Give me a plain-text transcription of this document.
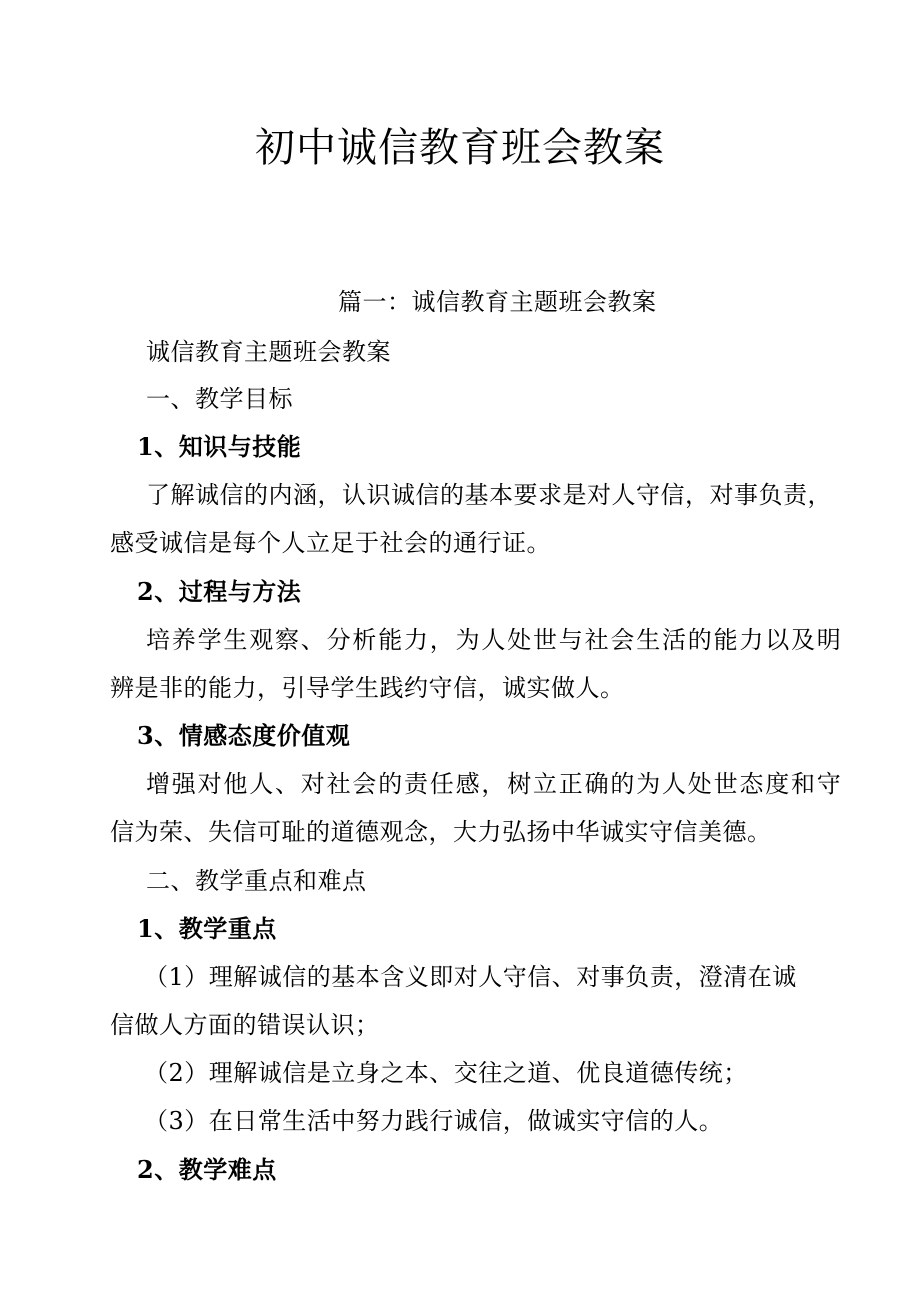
初中诚信教育班会教案
篇一：诚信教育主题班会教案
诚信教育主题班会教案
一、教学目标
1、知识与技能
了解诚信的内涵，认识诚信的基本要求是对人守信，对事负责，
感受诚信是每个人立足于社会的通行证。
2、过程与方法
培养学生观察、分析能力，为人处世与社会生活的能力以及明
辨是非的能力，引导学生践约守信，诚实做人。
3、情感态度价值观
增强对他人、对社会的责任感，树立正确的为人处世态度和守
信为荣、失信可耻的道德观念，大力弘扬中华诚实守信美德。
二、教学重点和难点
1、教学重点
（1）理解诚信的基本含义即对人守信、对事负责，澄清在诚
信做人方面的错误认识；
（2）理解诚信是立身之本、交往之道、优良道德传统；
（3）在日常生活中努力践行诚信，做诚实守信的人。
2、教学难点
